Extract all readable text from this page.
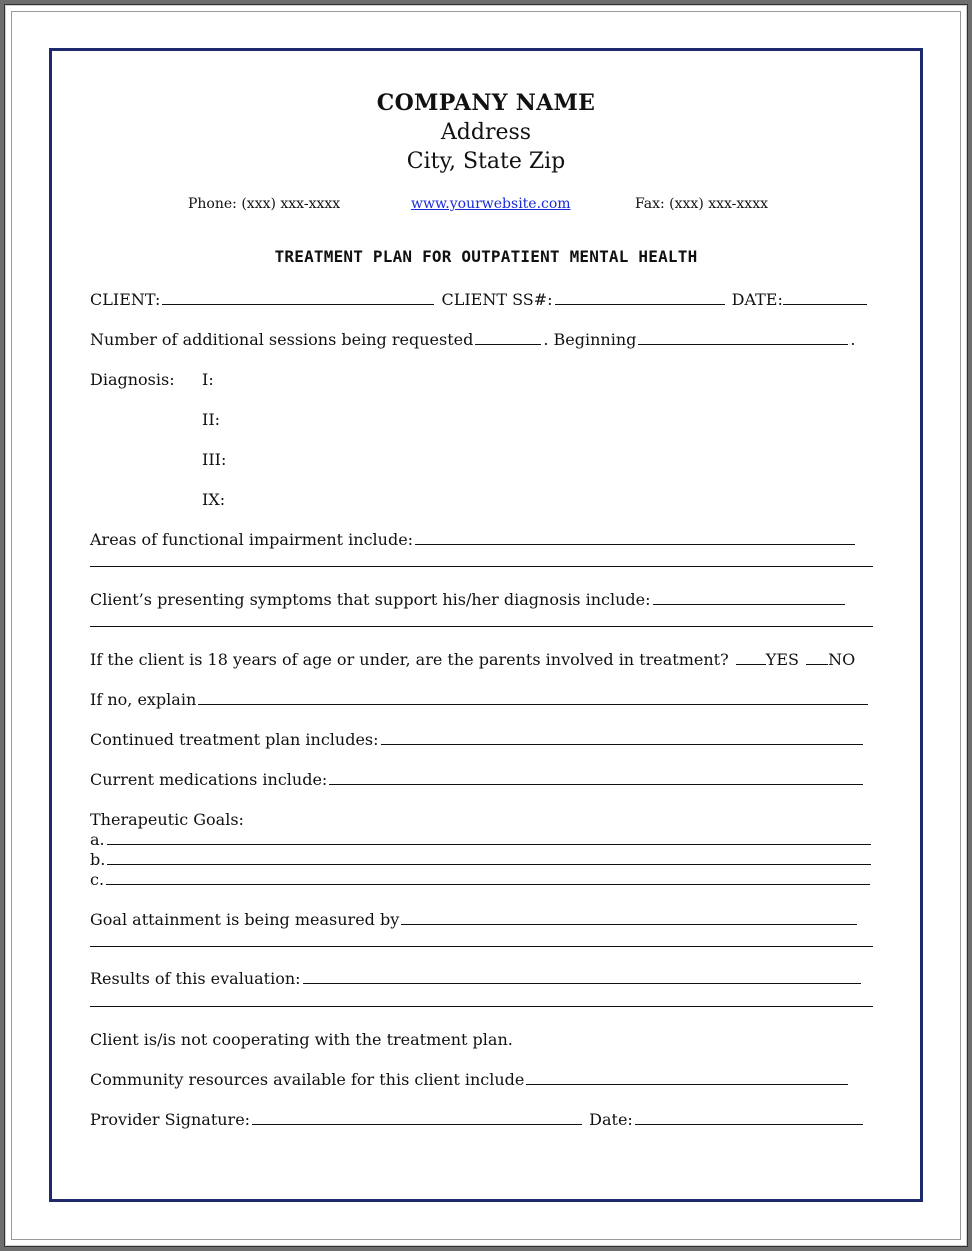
COMPANY NAME
Address
City, State Zip
Phone: (xxx) xxx-xxxx	www.yourwebsite.com	Fax: (xxx) xxx-xxxx
TREATMENT PLAN FOR OUTPATIENT MENTAL HEALTH
CLIENT:	CLIENT SS#:	DATE:
Number of additional sessions being requested	. Beginning	.
Diagnosis: I:
II:
III:
IX:
Areas of functional impairment include:
Client’s presenting symptoms that support his/her diagnosis include:
If the client is 18 years of age or under, are the parents involved in treatment? YES NO
If no, explain
Continued treatment plan includes:
Current medications include:
Therapeutic Goals:
a.
b.
c.
Goal attainment is being measured by
Results of this evaluation:
Client is/is not cooperating with the treatment plan.
Community resources available for this client include
Provider Signature:	Date:
